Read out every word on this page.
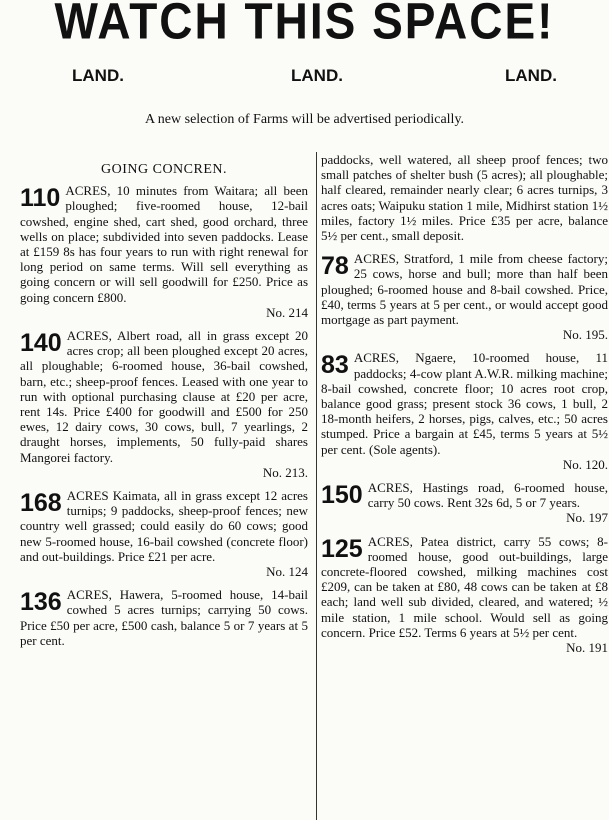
WATCH THIS SPACE!
LAND.	LAND.	LAND.
A new selection of Farms will be advertised periodically.
GOING CONCREN.
110 ACRES, 10 minutes from Waitara; all been ploughed; five-roomed house, 12-bail cowshed, engine shed, cart shed, good orchard, three wells on place; subdivided into seven paddocks. Lease at £159 8s has four years to run with right renewal for long period on same terms. Will sell everything as going concern or will sell goodwill for £250. Price as going concern £800.
No. 214
140 ACRES, Albert road, all in grass except 20 acres crop; all been ploughed except 20 acres, all ploughable; 6-roomed house, 36-bail cowshed, barn, etc.; sheep-proof fences. Leased with one year to run with optional purchasing clause at £20 per acre, rent 14s. Price £400 for goodwill and £500 for 250 ewes, 12 dairy cows, 30 cows, bull, 7 yearlings, 2 draught horses, implements, 50 fully-paid shares Mangorei factory.
No. 213.
168 ACRES Kaimata, all in grass except 12 acres turnips; 9 paddocks, sheep-proof fences; new country well grassed; could easily do 60 cows; good new 5-roomed house, 16-bail cowshed (concrete floor) and out-buildings. Price £21 per acre.
No. 124
136 ACRES, Hawera, 5-roomed house, 14-bail cowhed 5 acres turnips; carrying 50 cows. Price £50 per acre, £500 cash, balance 5 or 7 years at 5 per cent.
paddocks, well watered, all sheep proof fences; two small patches of shelter bush (5 acres); all ploughable; half cleared, remainder nearly clear; 6 acres turnips, 3 acres oats; Waipuku station 1 mile, Midhirst station 1½ miles, factory 1½ miles. Price £35 per acre, balance 5½ per cent., small deposit.
78 ACRES, Stratford, 1 mile from cheese factory; 25 cows, horse and bull; more than half been ploughed; 6-roomed house and 8-bail cowshed. Price, £40, terms 5 years at 5 per cent., or would accept good mortgage as part payment.
No. 195.
83 ACRES, Ngaere, 10-roomed house, 11 paddocks; 4-cow plant A.W.R. milking machine; 8-bail cowshed, concrete floor; 10 acres root crop, balance good grass; present stock 36 cows, 1 bull, 2 18-month heifers, 2 horses, pigs, calves, etc.; 50 acres stumped. Price a bargain at £45, terms 5 years at 5½ per cent. (Sole agents).
No. 120.
150 ACRES, Hastings road, 6-roomed house, carry 50 cows. Rent 32s 6d, 5 or 7 years.
No. 197
125 ACRES, Patea district, carry 55 cows; 8-roomed house, good out-buildings, large concrete-floored cowshed, milking machines cost £209, can be taken at £80, 48 cows can be taken at £8 each; land well sub divided, cleared, and watered; ½ mile station, 1 mile school. Would sell as going concern. Price £52. Terms 6 years at 5½ per cent.
No. 191
